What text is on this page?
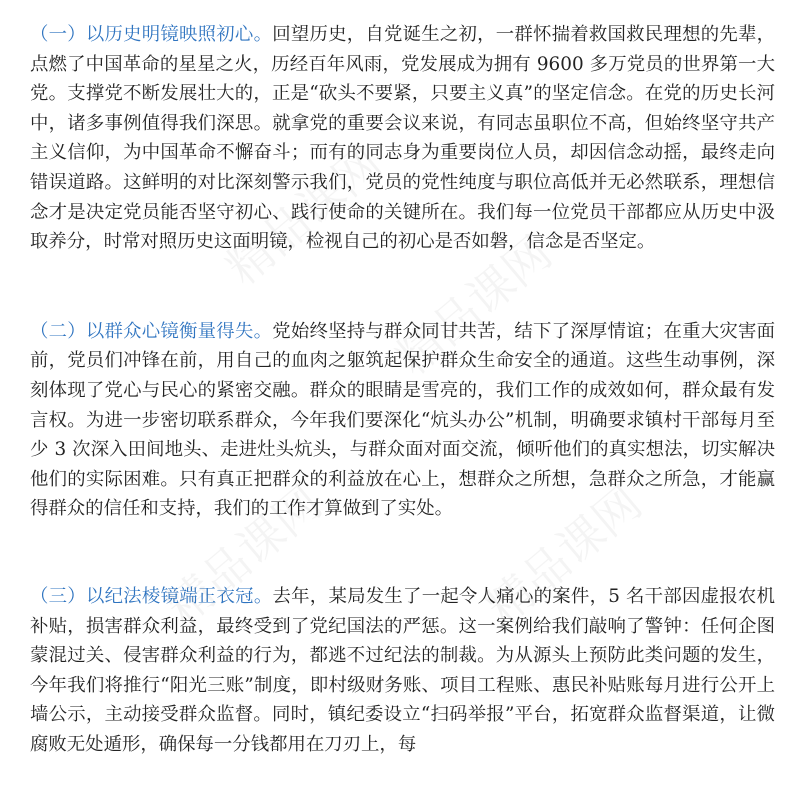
（一）以历史明镜映照初心。回望历史，自党诞生之初，一群怀揣着救国救民理想的先辈，点燃了中国革命的星星之火，历经百年风雨，党发展成为拥有 9600 多万党员的世界第一大党。支撑党不断发展壮大的，正是“砍头不要紧，只要主义真”的坚定信念。在党的历史长河中，诸多事例值得我们深思。就拿党的重要会议来说，有同志虽职位不高，但始终坚守共产主义信仰，为中国革命不懈奋斗；而有的同志身为重要岗位人员，却因信念动摇，最终走向错误道路。这鲜明的对比深刻警示我们，党员的党性纯度与职位高低并无必然联系，理想信念才是决定党员能否坚守初心、践行使命的关键所在。我们每一位党员干部都应从历史中汲取养分，时常对照历史这面明镜，检视自己的初心是否如磐，信念是否坚定。

（二）以群众心镜衡量得失。党始终坚持与群众同甘共苦，结下了深厚情谊；在重大灾害面前，党员们冲锋在前，用自己的血肉之躯筑起保护群众生命安全的通道。这些生动事例，深刻体现了党心与民心的紧密交融。群众的眼睛是雪亮的，我们工作的成效如何，群众最有发言权。为进一步密切联系群众，今年我们要深化“炕头办公”机制，明确要求镇村干部每月至少 3 次深入田间地头、走进灶头炕头，与群众面对面交流，倾听他们的真实想法，切实解决他们的实际困难。只有真正把群众的利益放在心上，想群众之所想，急群众之所急，才能赢得群众的信任和支持，我们的工作才算做到了实处。

（三）以纪法棱镜端正衣冠。去年，某局发生了一起令人痛心的案件，5 名干部因虚报农机补贴，损害群众利益，最终受到了党纪国法的严惩。这一案例给我们敲响了警钟：任何企图蒙混过关、侵害群众利益的行为，都逃不过纪法的制裁。为从源头上预防此类问题的发生，今年我们将推行“阳光三账”制度，即村级财务账、项目工程账、惠民补贴账每月进行公开上墙公示，主动接受群众监督。同时，镇纪委设立“扫码举报”平台，拓宽群众监督渠道，让微腐败无处遁形，确保每一分钱都用在刀刃上，每
